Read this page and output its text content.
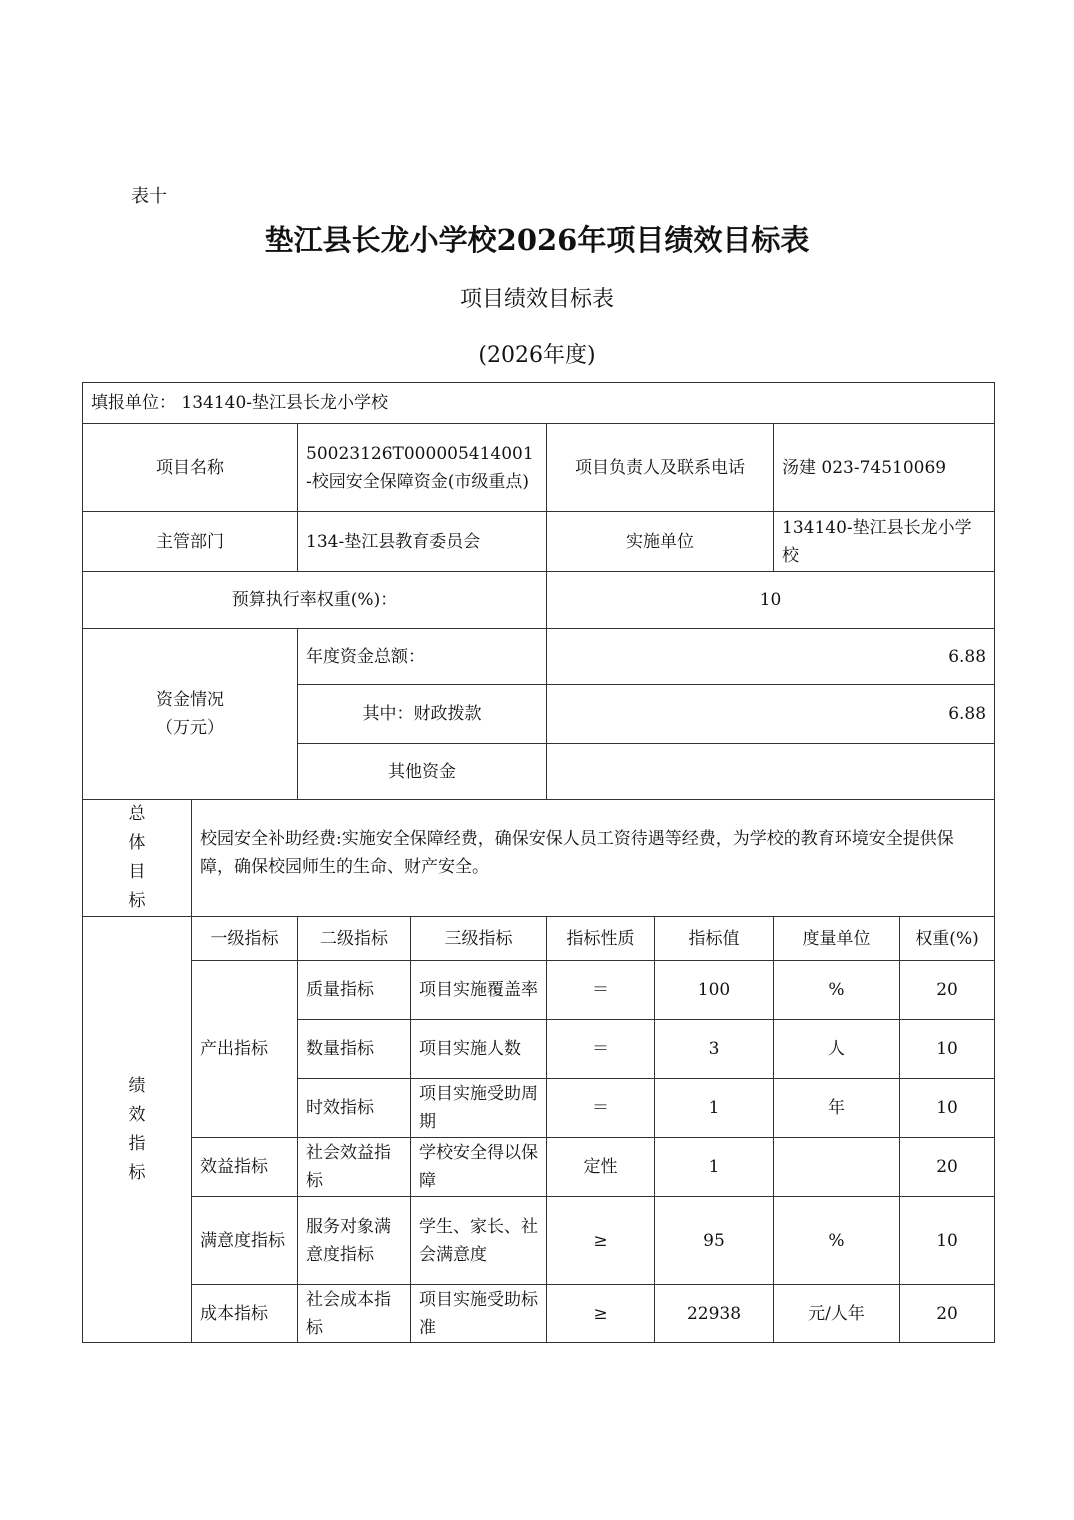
表十
垫江县长龙小学校2026年项目绩效目标表
项目绩效目标表
(2026年度)
填报单位： 134140-垫江县长龙小学校							
项目名称		50023126T000005414001-校园安全保障资金(市级重点)		项目负责人及联系电话		汤建 023-74510069	
主管部门		134-垫江县教育委员会		实施单位		134140-垫江县长龙小学校	
预算执行率权重(%)：				10			

资金情况
（万元）		年度资金总额：		6.88			
		其中：财政拨款		6.88			
		其他资金					

总
体
目
标	校园安全补助经费:实施安全保障经费，确保安保人员工资待遇等经费，为学校的教育环境安全提供保障，确保校园师生的生命、财产安全。						

绩
效
指
标	一级指标	二级指标	三级指标	指标性质	指标值	度量单位	权重(%)
	产出指标	质量指标	项目实施覆盖率	＝	100	%	20
		数量指标	项目实施人数	＝	3	人	10
		时效指标	项目实施受助周期	＝	1	年	10
	效益指标	社会效益指标	学校安全得以保障	定性	1		20
	满意度指标	服务对象满意度指标	学生、家长、社会满意度	≥	95	%	10
	成本指标	社会成本指标	项目实施受助标准	≥	22938	元/人年	20
